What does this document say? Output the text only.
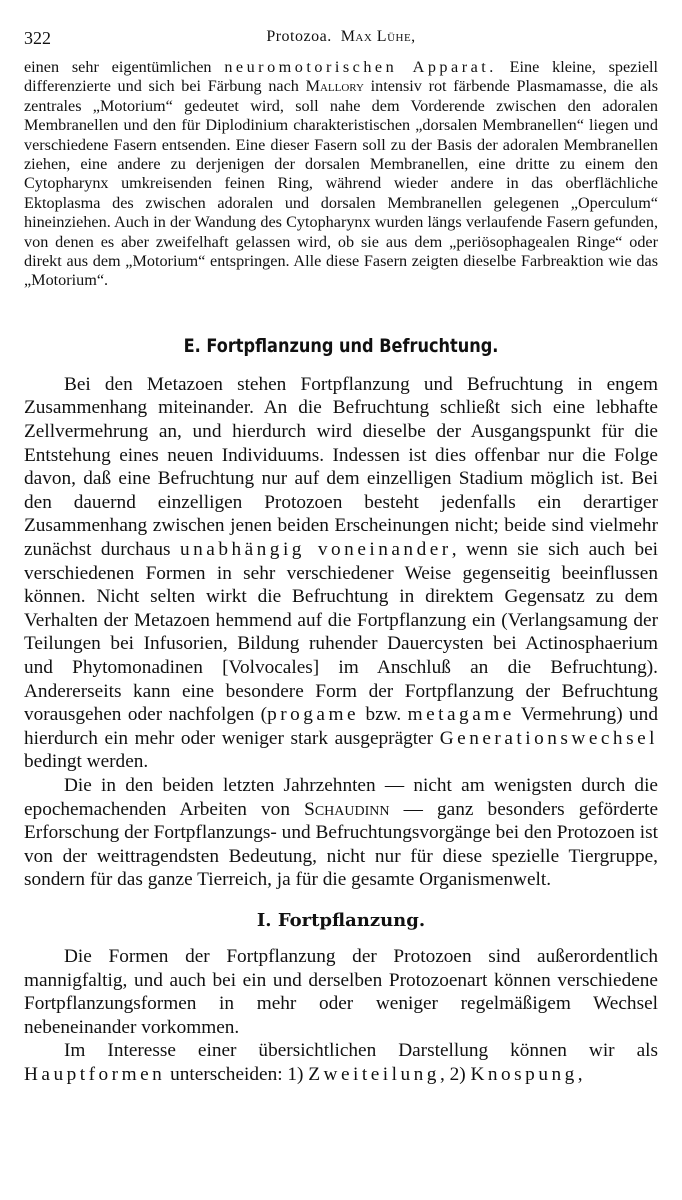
322	Protozoa. Max Lühe,

einen sehr eigentümlichen neuromotorischen Apparat. Eine kleine, speziell differenzierte und sich bei Färbung nach Mallory intensiv rot färbende Plasmamasse, die als zentrales „Motorium“ gedeutet wird, soll nahe dem Vorderende zwischen den adoralen Membranellen und den für Diplodinium charakteristischen „dorsalen Membranellen“ liegen und verschiedene Fasern entsenden. Eine dieser Fasern soll zu der Basis der adoralen Membranellen ziehen, eine andere zu derjenigen der dorsalen Membranellen, eine dritte zu einem den Cytopharynx umkreisenden feinen Ring, während wieder andere in das oberflächliche Ektoplasma des zwischen adoralen und dorsalen Membranellen gelegenen „Operculum“ hineinziehen. Auch in der Wandung des Cytopharynx wurden längs verlaufende Fasern gefunden, von denen es aber zweifelhaft gelassen wird, ob sie aus dem „periösophagealen Ringe“ oder direkt aus dem „Motorium“ entspringen. Alle diese Fasern zeigten dieselbe Farbreaktion wie das „Motorium“.

E. Fortpflanzung und Befruchtung.

Bei den Metazoen stehen Fortpflanzung und Befruchtung in engem Zusammenhang miteinander. An die Befruchtung schließt sich eine lebhafte Zellvermehrung an, und hierdurch wird dieselbe der Ausgangspunkt für die Entstehung eines neuen Individuums. Indessen ist dies offenbar nur die Folge davon, daß eine Befruchtung nur auf dem einzelligen Stadium möglich ist. Bei den dauernd einzelligen Protozoen besteht jedenfalls ein derartiger Zusammenhang zwischen jenen beiden Erscheinungen nicht; beide sind vielmehr zunächst durchaus unabhängig voneinander, wenn sie sich auch bei verschiedenen Formen in sehr verschiedener Weise gegenseitig beeinflussen können. Nicht selten wirkt die Befruchtung in direktem Gegensatz zu dem Verhalten der Metazoen hemmend auf die Fortpflanzung ein (Verlangsamung der Teilungen bei Infusorien, Bildung ruhender Dauercysten bei Actinosphaerium und Phytomonadinen [Volvocales] im Anschluß an die Befruchtung). Andererseits kann eine besondere Form der Fortpflanzung der Befruchtung vorausgehen oder nachfolgen (progame bzw. metagame Vermehrung) und hierdurch ein mehr oder weniger stark ausgeprägter Generationswechsel bedingt werden.

Die in den beiden letzten Jahrzehnten — nicht am wenigsten durch die epochemachenden Arbeiten von Schaudinn — ganz besonders geförderte Erforschung der Fortpflanzungs- und Befruchtungsvorgänge bei den Protozoen ist von der weittragendsten Bedeutung, nicht nur für diese spezielle Tiergruppe, sondern für das ganze Tierreich, ja für die gesamte Organismenwelt.

I. Fortpflanzung.

Die Formen der Fortpflanzung der Protozoen sind außerordentlich mannigfaltig, und auch bei ein und derselben Protozoenart können verschiedene Fortpflanzungsformen in mehr oder weniger regelmäßigem Wechsel nebeneinander vorkommen.

Im Interesse einer übersichtlichen Darstellung können wir als Hauptformen unterscheiden: 1) Zweiteilung, 2) Knospung,
